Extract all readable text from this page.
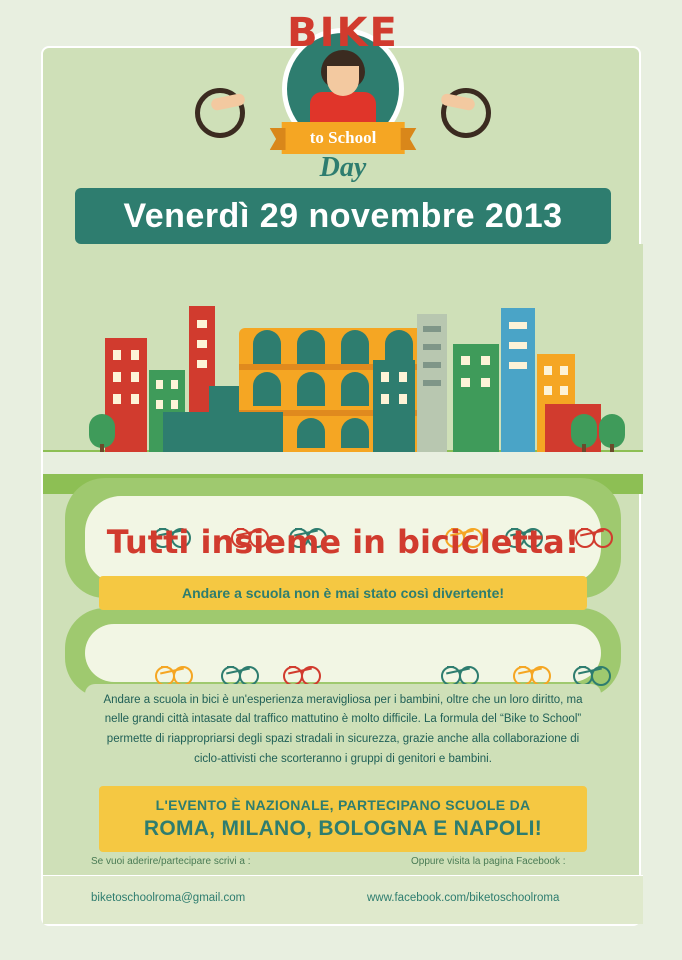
BIKE
to School
Day
Venerdì 29 novembre 2013
Tutti insieme in bicicletta!
Andare a scuola non è mai stato così divertente!

Andare a scuola in bici è un'esperienza meravigliosa per i bambini, oltre che un loro diritto, ma nelle grandi città intasate dal traffico mattutino è molto difficile. La formula del “Bike to School” permette di riappropriarsi degli spazi stradali in sicurezza, grazie anche alla collaborazione di ciclo-attivisti che scorteranno i gruppi di genitori e bambini.

L'EVENTO È NAZIONALE, PARTECIPANO SCUOLE DA
ROMA, MILANO, BOLOGNA E NAPOLI!
Se vuoi aderire/partecipare scrivi a :	Oppure visita la pagina Facebook :
biketoschoolroma@gmail.com	www.facebook.com/biketoschoolroma
